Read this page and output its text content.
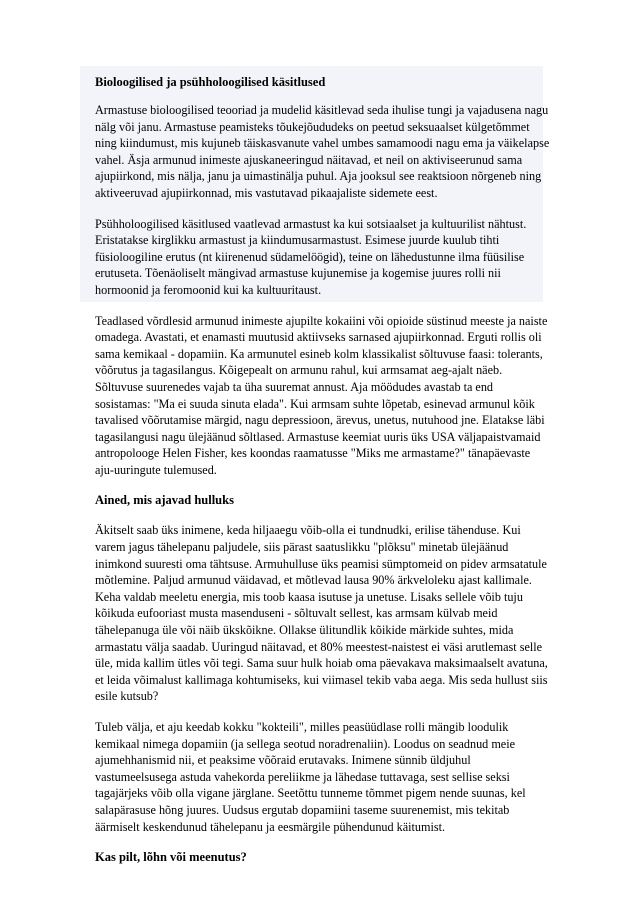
Bioloogilised ja psühholoogilised käsitlused

Armastuse bioloogilised teooriad ja mudelid käsitlevad seda ihulise tungi ja vajadusena nagu nälg või janu. Armastuse peamisteks tõukejõududeks on peetud seksuaalset külgetõmmet ning kiindumust, mis kujuneb täiskasvanute vahel umbes samamoodi nagu ema ja väikelapse vahel. Äsja armunud inimeste ajuskaneeringud näitavad, et neil on aktiviseerunud sama ajupiirkond, mis nälja, janu ja uimastinälja puhul. Aja jooksul see reaktsioon nõrgeneb ning aktiveeruvad ajupiirkonnad, mis vastutavad pikaajaliste sidemete eest.

Psühholoogilised käsitlused vaatlevad armastust ka kui sotsiaalset ja kultuurilist nähtust. Eristatakse kirglikku armastust ja kiindumusarmastust. Esimese juurde kuulub tihti füsioloogiline erutus (nt kiirenenud südamelöögid), teine on lähedustunne ilma füüsilise erutuseta. Tõenäoliselt mängivad armastuse kujunemise ja kogemise juures rolli nii hormoonid ja feromoonid kui ka kultuuritaust.

Teadlased võrdlesid armunud inimeste ajupilte kokaiini või opioide süstinud meeste ja naiste omadega. Avastati, et enamasti muutusid aktiivseks sarnased ajupiirkonnad. Erguti rollis oli sama kemikaal - dopamiin. Ka armunutel esineb kolm klassikalist sõltuvuse faasi: tolerants, võõrutus ja tagasilangus. Kõigepealt on armunu rahul, kui armsamat aeg-ajalt näeb. Sõltuvuse suurenedes vajab ta üha suuremat annust. Aja möödudes avastab ta end sosistamas: "Ma ei suuda sinuta elada". Kui armsam suhte lõpetab, esinevad armunul kõik tavalised võõrutamise märgid, nagu depressioon, ärevus, unetus, nutuhood jne. Elatakse läbi tagasilangusi nagu ülejäänud sõltlased. Armastuse keemiat uuris üks USA väljapaistvamaid antropolooge Helen Fisher, kes koondas raamatusse "Miks me armastame?" tänapäevaste aju-uuringute tulemused.

Ained, mis ajavad hulluks

Äkitselt saab üks inimene, keda hiljaaegu võib-olla ei tundnudki, erilise tähenduse. Kui varem jagus tähelepanu paljudele, siis pärast saatuslikku "plõksu" minetab ülejäänud inimkond suuresti oma tähtsuse. Armuhulluse üks peamisi sümptomeid on pidev armsatatule mõtlemine. Paljud armunud väidavad, et mõtlevad lausa 90% ärkveloleku ajast kallimale. Keha valdab meeletu energia, mis toob kaasa isutuse ja unetuse. Lisaks sellele võib tuju kõikuda eufooriast musta masenduseni - sõltuvalt sellest, kas armsam külvab meid tähelepanuga üle või näib ükskõikne. Ollakse ülitundlik kõikide märkide suhtes, mida armastatu välja saadab. Uuringud näitavad, et 80% meestest-naistest ei väsi arutlemast selle üle, mida kallim ütles või tegi. Sama suur hulk hoiab oma päevakava maksimaalselt avatuna, et leida võimalust kallimaga kohtumiseks, kui viimasel tekib vaba aega. Mis seda hullust siis esile kutsub?

Tuleb välja, et aju keedab kokku "kokteili", milles peasüüdlase rolli mängib loodulik kemikaal nimega dopamiin (ja sellega seotud noradrenaliin). Loodus on seadnud meie ajumehhanismid nii, et peaksime võõraid erutavaks. Inimene sünnib üldjuhul vastumeelsusega astuda vahekorda pereliikme ja lähedase tuttavaga, sest sellise seksi tagajärjeks võib olla vigane järglane. Seetõttu tunneme tõmmet pigem nende suunas, kel salapärasuse hõng juures. Uudsus ergutab dopamiini taseme suurenemist, mis tekitab äärmiselt keskendunud tähelepanu ja eesmärgile pühendunud käitumist.

Kas pilt, lõhn või meenutus?
